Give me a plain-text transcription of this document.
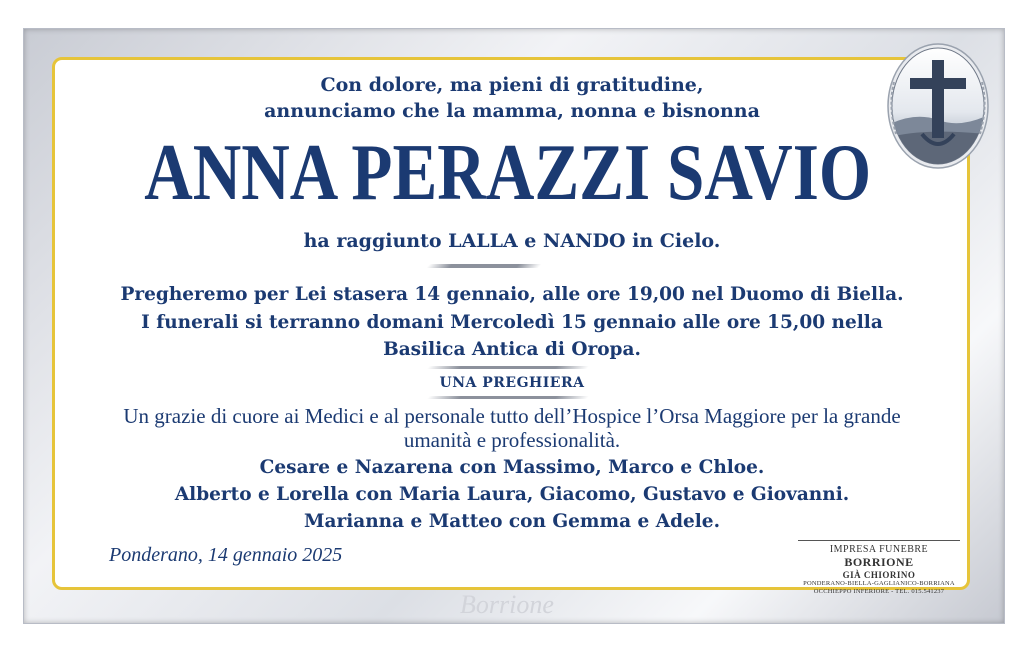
Con dolore, ma pieni di gratitudine,
annunciamo che la mamma, nonna e bisnonna
ANNA PERAZZI SAVIO
ha raggiunto LALLA e NANDO in Cielo.
Pregheremo per Lei stasera 14 gennaio, alle ore 19,00 nel Duomo di Biella.
I funerali si terranno domani Mercoledì 15 gennaio alle ore 15,00 nella
Basilica Antica di Oropa.
UNA PREGHIERA
Un grazie di cuore ai Medici e al personale tutto dell’Hospice l’Orsa Maggiore per la grande
umanità e professionalità.
Cesare e Nazarena con Massimo, Marco e Chloe.
Alberto e Lorella con Maria Laura, Giacomo, Gustavo e Giovanni.
Marianna e Matteo con Gemma e Adele.
Ponderano, 14 gennaio 2025	IMPRESA FUNEBRE BORRIONE
GIÀ CHIORINO
PONDERANO-BIELLA-GAGLIANICO-BORRIANA
OCCHIEPPO INFERIORE - TEL. 015.541237
Borrione
